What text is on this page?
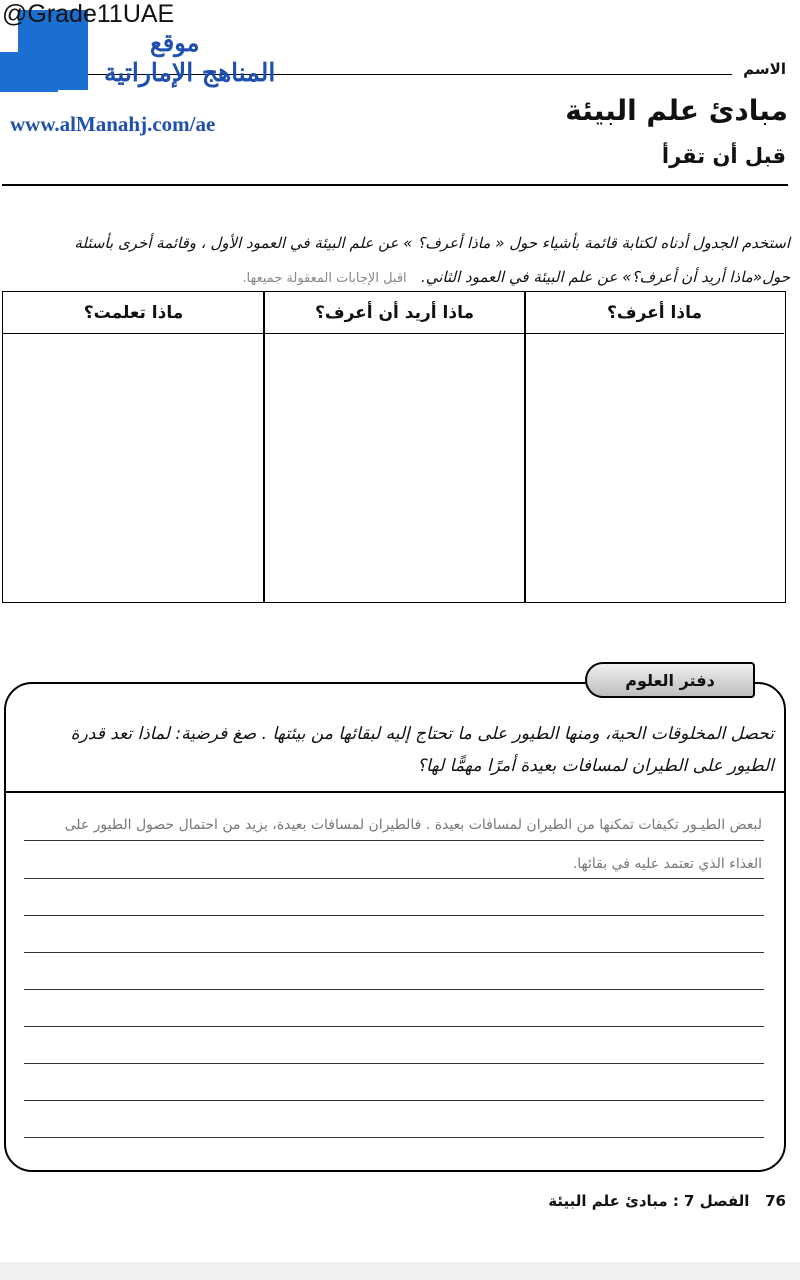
@Grade11UAE
موقع
المناهج الإماراتية
www.alManahj.com/ae
الاسم
مبادئ علم البيئة
قبل أن تقرأ
استخدم الجدول أدناه لكتابة قائمة بأشياء حول « ماذا أعرف؟ » عن علم البيئة في العمود الأول ، وقائمة أخرى بأسئلة حول«ماذا أريد أن أعرف؟» عن علم البيئة في العمود الثاني.   اقبل الإجابات المعقولة جميعها.
ماذا أعرف؟
ماذا أريد أن أعرف؟
ماذا تعلمت؟
دفتر العلوم
تحصل المخلوقات الحية، ومنها الطيور على ما تحتاج إليه لبقائها من بيئتها . صغ فرضية: لماذا تعد قدرة الطيور على الطيران لمسافات بعيدة أمرًا مهمًّا لها؟
لبعض الطيـور تكيفات تمكنها من الطيران لمسافات بعيدة . فالطيران لمسافات بعيدة، يزيد من احتمال حصول الطيور على
الغذاء الذي تعتمد عليه في بقائها.
76   الفصل 7 : مبادئ علم البيئة
